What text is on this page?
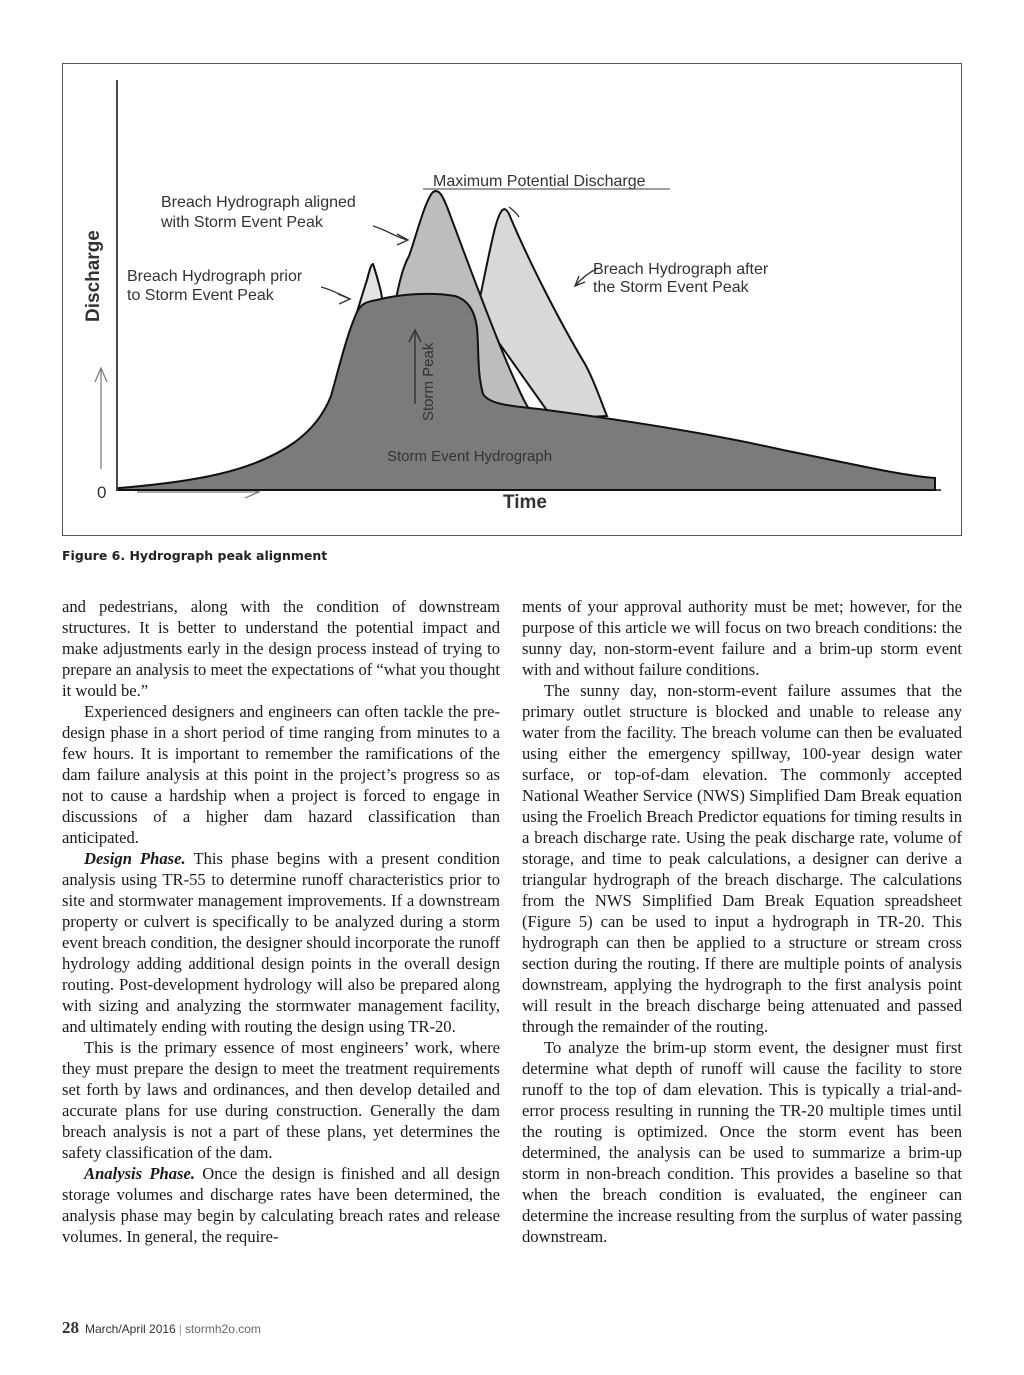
Discharge
0	Time
Maximum Potential Discharge
Breach Hydrograph aligned
with Storm Event Peak
Breach Hydrograph prior
to Storm Event Peak
Breach Hydrograph after
the Storm Event Peak
Storm Peak
Storm Event Hydrograph
Figure 6. Hydrograph peak alignment

and pedestrians, along with the condition of downstream structures. It is better to understand the potential impact and make adjustments early in the design process instead of trying to prepare an analysis to meet the expectations of “what you thought it would be.”

Experienced designers and engineers can often tackle the pre-design phase in a short period of time ranging from minutes to a few hours. It is important to remember the ramifications of the dam failure analysis at this point in the project’s progress so as not to cause a hardship when a project is forced to engage in discussions of a higher dam hazard classification than anticipated.

Design Phase. This phase begins with a present condition analysis using TR-55 to determine runoff characteristics prior to site and stormwater management improvements. If a downstream property or culvert is specifically to be analyzed during a storm event breach condition, the designer should incorporate the runoff hydrology adding additional design points in the overall design routing. Post-development hydrology will also be prepared along with sizing and analyzing the stormwater management facility, and ultimately ending with routing the design using TR-20.

This is the primary essence of most engineers’ work, where they must prepare the design to meet the treatment requirements set forth by laws and ordinances, and then develop detailed and accurate plans for use during construction. Generally the dam breach analysis is not a part of these plans, yet determines the safety classification of the dam.

Analysis Phase. Once the design is finished and all design storage volumes and discharge rates have been determined, the analysis phase may begin by calculating breach rates and release volumes. In general, the require-

ments of your approval authority must be met; however, for the purpose of this article we will focus on two breach conditions: the sunny day, non-storm-event failure and a brim-up storm event with and without failure conditions.

The sunny day, non-storm-event failure assumes that the primary outlet structure is blocked and unable to release any water from the facility. The breach volume can then be evaluated using either the emergency spillway, 100-year design water surface, or top-of-dam elevation. The commonly accepted National Weather Service (NWS) Simplified Dam Break equation using the Froelich Breach Predictor equations for timing results in a breach discharge rate. Using the peak discharge rate, volume of storage, and time to peak calculations, a designer can derive a triangular hydrograph of the breach discharge. The calculations from the NWS Simplified Dam Break Equation spreadsheet (Figure 5) can be used to input a hydrograph in TR-20. This hydrograph can then be applied to a structure or stream cross section during the routing. If there are multiple points of analysis downstream, applying the hydrograph to the first analysis point will result in the breach discharge being attenuated and passed through the remainder of the routing.

To analyze the brim-up storm event, the designer must first determine what depth of runoff will cause the facility to store runoff to the top of dam elevation. This is typically a trial-and-error process resulting in running the TR-20 multiple times until the routing is optimized. Once the storm event has been determined, the analysis can be used to summarize a brim-up storm in non-breach condition. This provides a baseline so that when the breach condition is evaluated, the engineer can determine the increase resulting from the surplus of water passing downstream.

28 March/April 2016 | stormh2o.com
